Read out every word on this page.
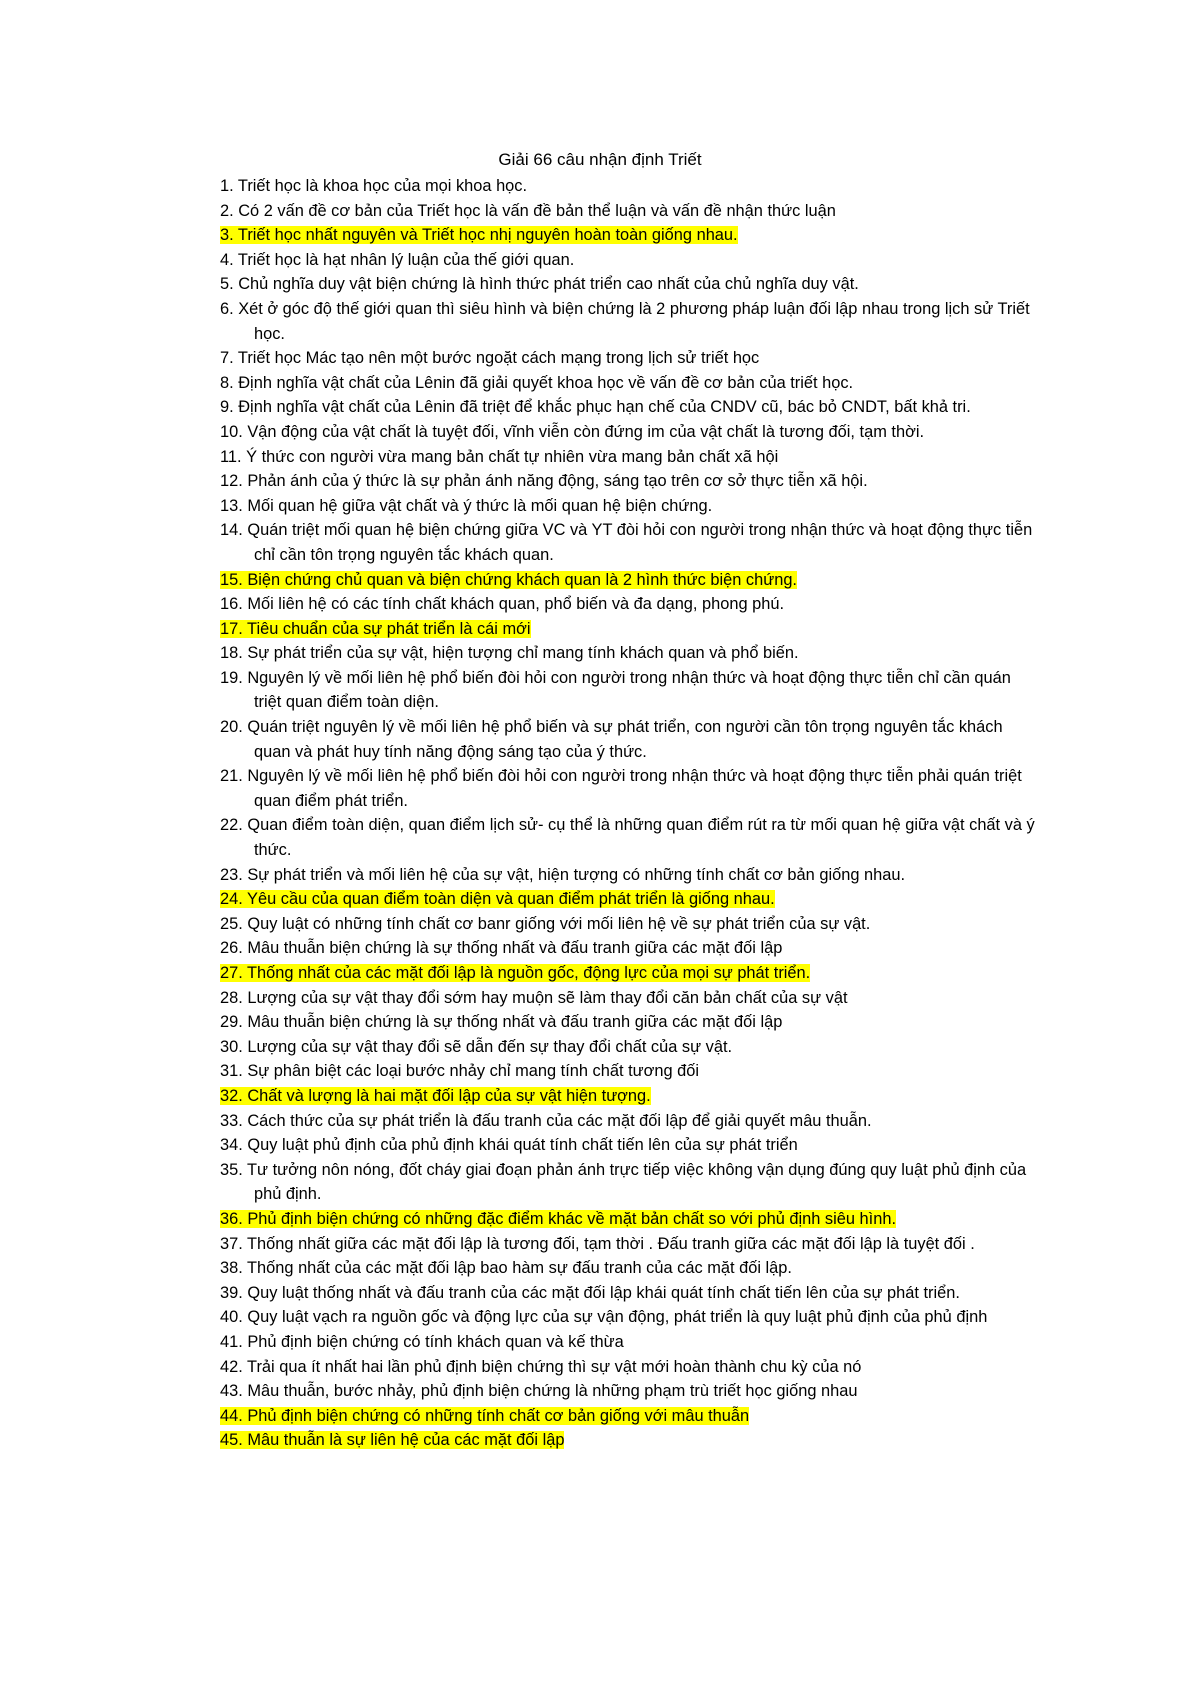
Giải 66 câu nhận định Triết
1. Triết học là khoa học của mọi khoa học.
2. Có 2 vấn đề cơ bản của Triết học là vấn đề bản thể luận và vấn đề nhận thức luận
3. Triết học nhất nguyên và Triết học nhị nguyên hoàn toàn giống nhau.
4. Triết học là hạt nhân lý luận của thế giới quan.
5. Chủ nghĩa duy vật biện chứng là hình thức phát triển cao nhất của chủ nghĩa duy vật.
6. Xét ở góc độ thế giới quan thì siêu hình và biện chứng là 2 phương pháp luận đối lập nhau trong lịch sử Triết học.
7. Triết học Mác tạo nên một bước ngoặt cách mạng trong lịch sử triết học
8. Định nghĩa vật chất của Lênin đã giải quyết khoa học về vấn đề cơ bản của triết học.
9. Định nghĩa vật chất của Lênin đã triệt để khắc phục hạn chế của CNDV cũ, bác bỏ CNDT, bất khả tri.
10. Vận động của vật chất là tuyệt đối, vĩnh viễn còn đứng im của vật chất là tương đối, tạm thời.
11. Ý thức con người vừa mang bản chất tự nhiên vừa mang bản chất xã hội
12. Phản ánh của ý thức là sự phản ánh năng động, sáng tạo trên cơ sở thực tiễn xã hội.
13. Mối quan hệ giữa vật chất và ý thức là mối quan hệ biện chứng.
14. Quán triệt mối quan hệ biện chứng giữa VC và YT đòi hỏi con người trong nhận thức và hoạt động thực tiễn chỉ cần tôn trọng nguyên tắc khách quan.
15. Biện chứng chủ quan và biện chứng khách quan là 2 hình thức biện chứng.
16. Mối liên hệ có các tính chất khách quan, phổ biến và đa dạng, phong phú.
17. Tiêu chuẩn của sự phát triển là cái mới
18. Sự phát triển của sự vật, hiện tượng chỉ mang tính khách quan và phổ biến.
19. Nguyên lý về mối liên hệ phổ biến đòi hỏi con người trong nhận thức và hoạt động thực tiễn chỉ cần quán triệt quan điểm toàn diện.
20. Quán triệt nguyên lý về mối liên hệ phổ biến và sự phát triển, con người cần tôn trọng nguyên tắc khách quan và phát huy tính năng động sáng tạo của ý thức.
21. Nguyên lý về mối liên hệ phổ biến đòi hỏi con người trong nhận thức và hoạt động thực tiễn phải quán triệt quan điểm phát triển.
22. Quan điểm toàn diện, quan điểm lịch sử- cụ thể là những quan điểm rút ra từ mối quan hệ giữa vật chất và ý thức.
23. Sự phát triển và mối liên hệ của sự vật, hiện tượng có những tính chất cơ bản giống nhau.
24. Yêu cầu của quan điểm toàn diện và quan điểm phát triển là giống nhau.
25. Quy luật có những tính chất cơ banr giống với mối liên hệ về sự phát triển của sự vật.
26. Mâu thuẫn biện chứng là sự thống nhất và đấu tranh giữa các mặt đối lập
27. Thống nhất của các mặt đối lập là nguồn gốc, động lực của mọi sự phát triển.
28. Lượng của sự vật thay đổi sớm hay muộn sẽ làm thay đổi căn bản chất của sự vật
29. Mâu thuẫn biện chứng là sự thống nhất và đấu tranh giữa các mặt đối lập
30. Lượng của sự vật thay đổi sẽ dẫn đến sự thay đổi chất của sự vật.
31. Sự phân biệt các loại bước nhảy chỉ mang tính chất tương đối
32. Chất và lượng là hai mặt đối lập của sự vật hiện tượng.
33. Cách thức của sự phát triển là đấu tranh của các mặt đối lập để giải quyết mâu thuẫn.
34. Quy luật phủ định của phủ định khái quát tính chất tiến lên của sự phát triển
35. Tư tưởng nôn nóng, đốt cháy giai đoạn phản ánh trực tiếp việc không vận dụng đúng quy luật phủ định của phủ định.
36. Phủ định biện chứng có những đặc điểm khác về mặt bản chất so với phủ định siêu hình.
37. Thống nhất giữa các mặt đối lập là tương đối, tạm thời . Đấu tranh giữa các mặt đối lập là tuyệt đối .
38. Thống nhất của các mặt đối lập bao hàm sự đấu tranh của các mặt đối lập.
39. Quy luật thống nhất và đấu tranh của các mặt đối lập khái quát tính chất tiến lên của sự phát triển.
40. Quy luật vạch ra nguồn gốc và động lực của sự vận động, phát triển là quy luật phủ định của phủ định
41. Phủ định biện chứng có tính khách quan và kế thừa
42. Trải qua ít nhất hai lần phủ định biện chứng thì sự vật mới hoàn thành chu kỳ của nó
43. Mâu thuẫn, bước nhảy, phủ định biện chứng là những phạm trù triết học giống nhau
44. Phủ định biện chứng có những tính chất cơ bản giống với mâu thuẫn
45. Mâu thuẫn là sự liên hệ của các mặt đối lập
